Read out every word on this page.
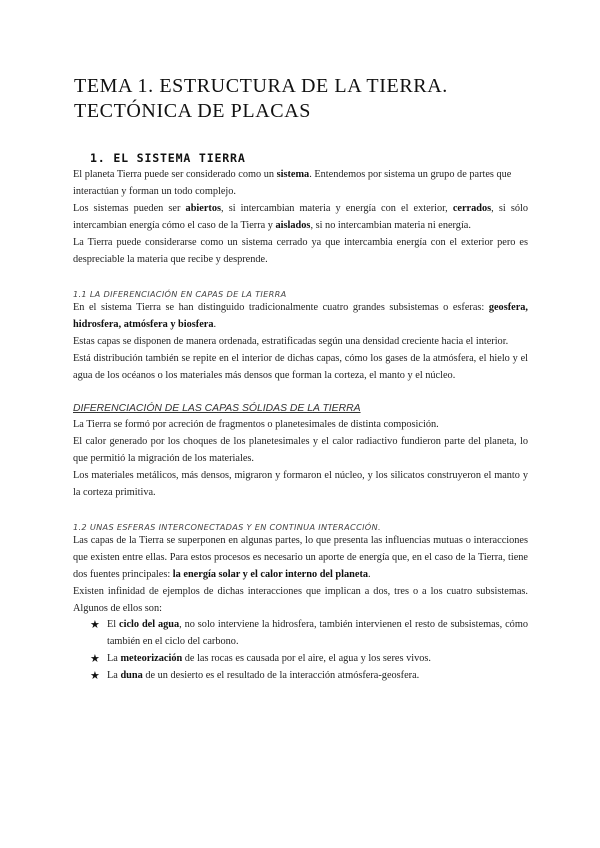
TEMA 1. ESTRUCTURA DE LA TIERRA. TECTÓNICA DE PLACAS
1. EL SISTEMA TIERRA

El planeta Tierra puede ser considerado como un sistema. Entendemos por sistema un grupo de partes que interactúan y forman un todo complejo.

Los sistemas pueden ser abiertos, si intercambian materia y energía con el exterior, cerrados, si sólo intercambian energía cómo el caso de la Tierra y aislados, si no intercambian materia ni energía.

La Tierra puede considerarse como un sistema cerrado ya que intercambia energía con el exterior pero es despreciable la materia que recibe y desprende.

1.1 LA DIFERENCIACIÓN EN CAPAS DE LA TIERRA

En el sistema Tierra se han distinguido tradicionalmente cuatro grandes subsistemas o esferas: geosfera, hidrosfera, atmósfera y biosfera.

Estas capas se disponen de manera ordenada, estratificadas según una densidad creciente hacia el interior.

Está distribución también se repite en el interior de dichas capas, cómo los gases de la atmósfera, el hielo y el agua de los océanos o los materiales más densos que forman la corteza, el manto y el núcleo.

DIFERENCIACIÓN DE LAS CAPAS SÓLIDAS DE LA TIERRA

La Tierra se formó por acreción de fragmentos o planetesimales de distinta composición.

El calor generado por los choques de los planetesimales y el calor radiactivo fundieron parte del planeta, lo que permitió la migración de los materiales.

Los materiales metálicos, más densos, migraron y formaron el núcleo, y los silicatos construyeron el manto y la corteza primitiva.

1.2 UNAS ESFERAS INTERCONECTADAS Y EN CONTINUA INTERACCIÓN.

Las capas de la Tierra se superponen en algunas partes, lo que presenta las influencias mutuas o interacciones que existen entre ellas. Para estos procesos es necesario un aporte de energía que, en el caso de la Tierra, tiene dos fuentes principales: la energía solar y el calor interno del planeta.

Existen infinidad de ejemplos de dichas interacciones que implican a dos, tres o a los cuatro subsistemas. Algunos de ellos son:

★ El ciclo del agua, no solo interviene la hidrosfera, también intervienen el resto de subsistemas, cómo también en el ciclo del carbono.
★ La meteorización de las rocas es causada por el aire, el agua y los seres vivos.
★ La duna de un desierto es el resultado de la interacción atmósfera-geosfera.
